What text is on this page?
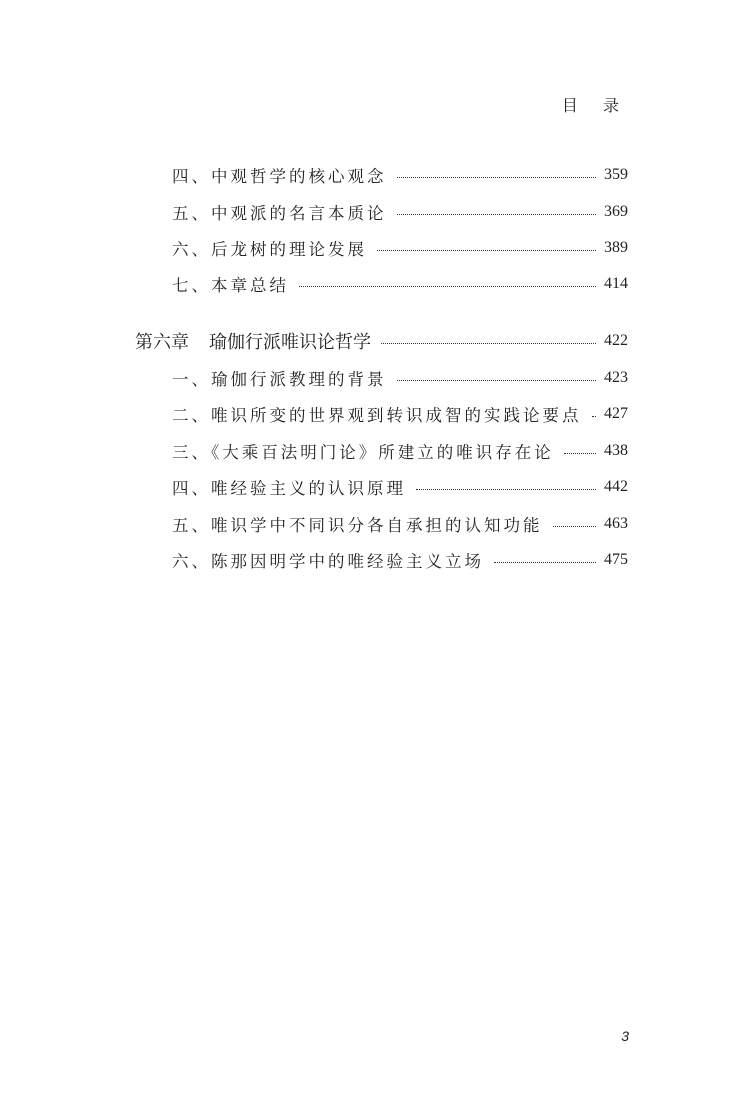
目 录
四、中观哲学的核心观念	359
五、中观派的名言本质论	369
六、后龙树的理论发展	389
七、本章总结	414
第六章 瑜伽行派唯识论哲学	422
一、瑜伽行派教理的背景	423
二、唯识所变的世界观到转识成智的实践论要点 427
三、《大乘百法明门论》所建立的唯识存在论	438
四、唯经验主义的认识原理	442
五、唯识学中不同识分各自承担的认知功能	463
六、陈那因明学中的唯经验主义立场	475
3
